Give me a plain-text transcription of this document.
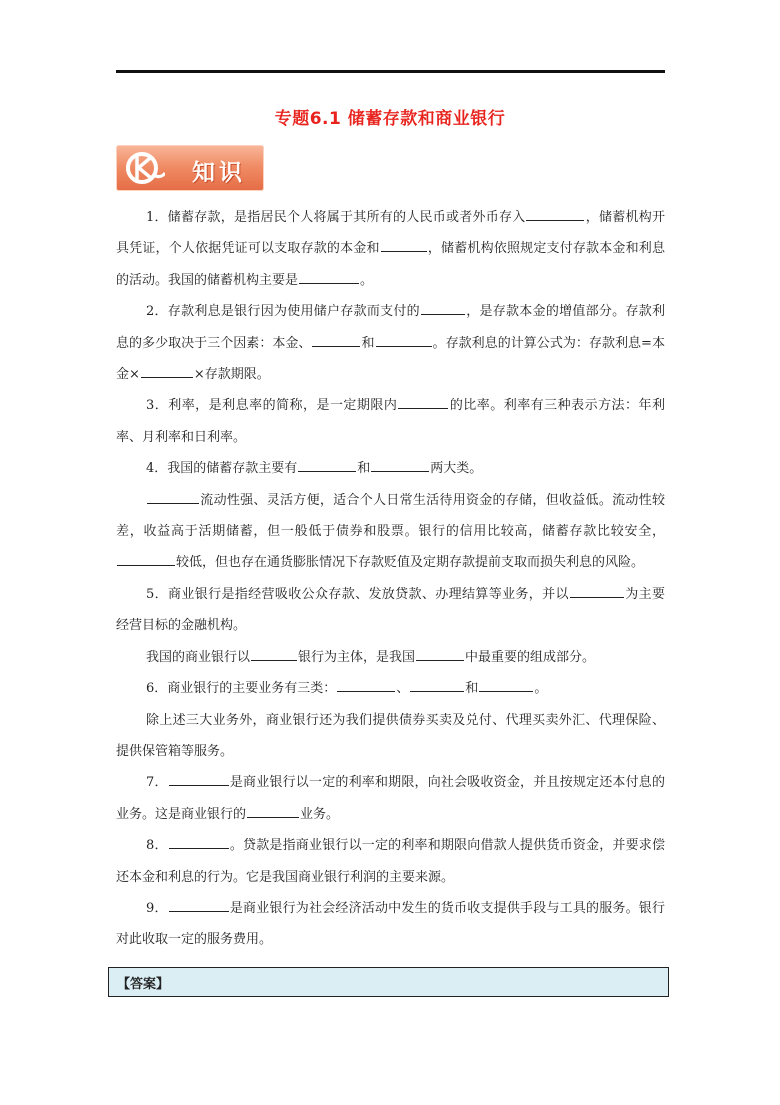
专题6.1 储蓄存款和商业银行
知识

1．储蓄存款，是指居民个人将属于其所有的人民币或者外币存入	，储蓄机构开具凭证，个人依据凭证可以支取存款的本金和	，储蓄机构依照规定支付存款本金和利息的活动。我国的储蓄机构主要是	。

2．存款利息是银行因为使用储户存款而支付的	，是存款本金的增值部分。存款利息的多少取决于三个因素：本金、	和	。存款利息的计算公式为：存款利息=本金×	×存款期限。

3．利率，是利息率的简称，是一定期限内	的比率。利率有三种表示方法：年利率、月利率和日利率。

4．我国的储蓄存款主要有	和	两大类。

流动性强、灵活方便，适合个人日常生活待用资金的存储，但收益低。流动性较差，收益高于活期储蓄，但一般低于债券和股票。银行的信用比较高，储蓄存款比较安全，较低，但也存在通货膨胀情况下存款贬值及定期存款提前支取而损失利息的风险。

5．商业银行是指经营吸收公众存款、发放贷款、办理结算等业务，并以	为主要经营目标的金融机构。

我国的商业银行以	银行为主体，是我国	中最重要的组成部分。

6．商业银行的主要业务有三类：	、	和	。

除上述三大业务外，商业银行还为我们提供债券买卖及兑付、代理买卖外汇、代理保险、提供保管箱等服务。

7．	是商业银行以一定的利率和期限，向社会吸收资金，并且按规定还本付息的业务。这是商业银行的	业务。

8．	。贷款是指商业银行以一定的利率和期限向借款人提供货币资金，并要求偿还本金和利息的行为。它是我国商业银行利润的主要来源。

9．	是商业银行为社会经济活动中发生的货币收支提供手段与工具的服务。银行对此收取一定的服务费用。

【答案】
